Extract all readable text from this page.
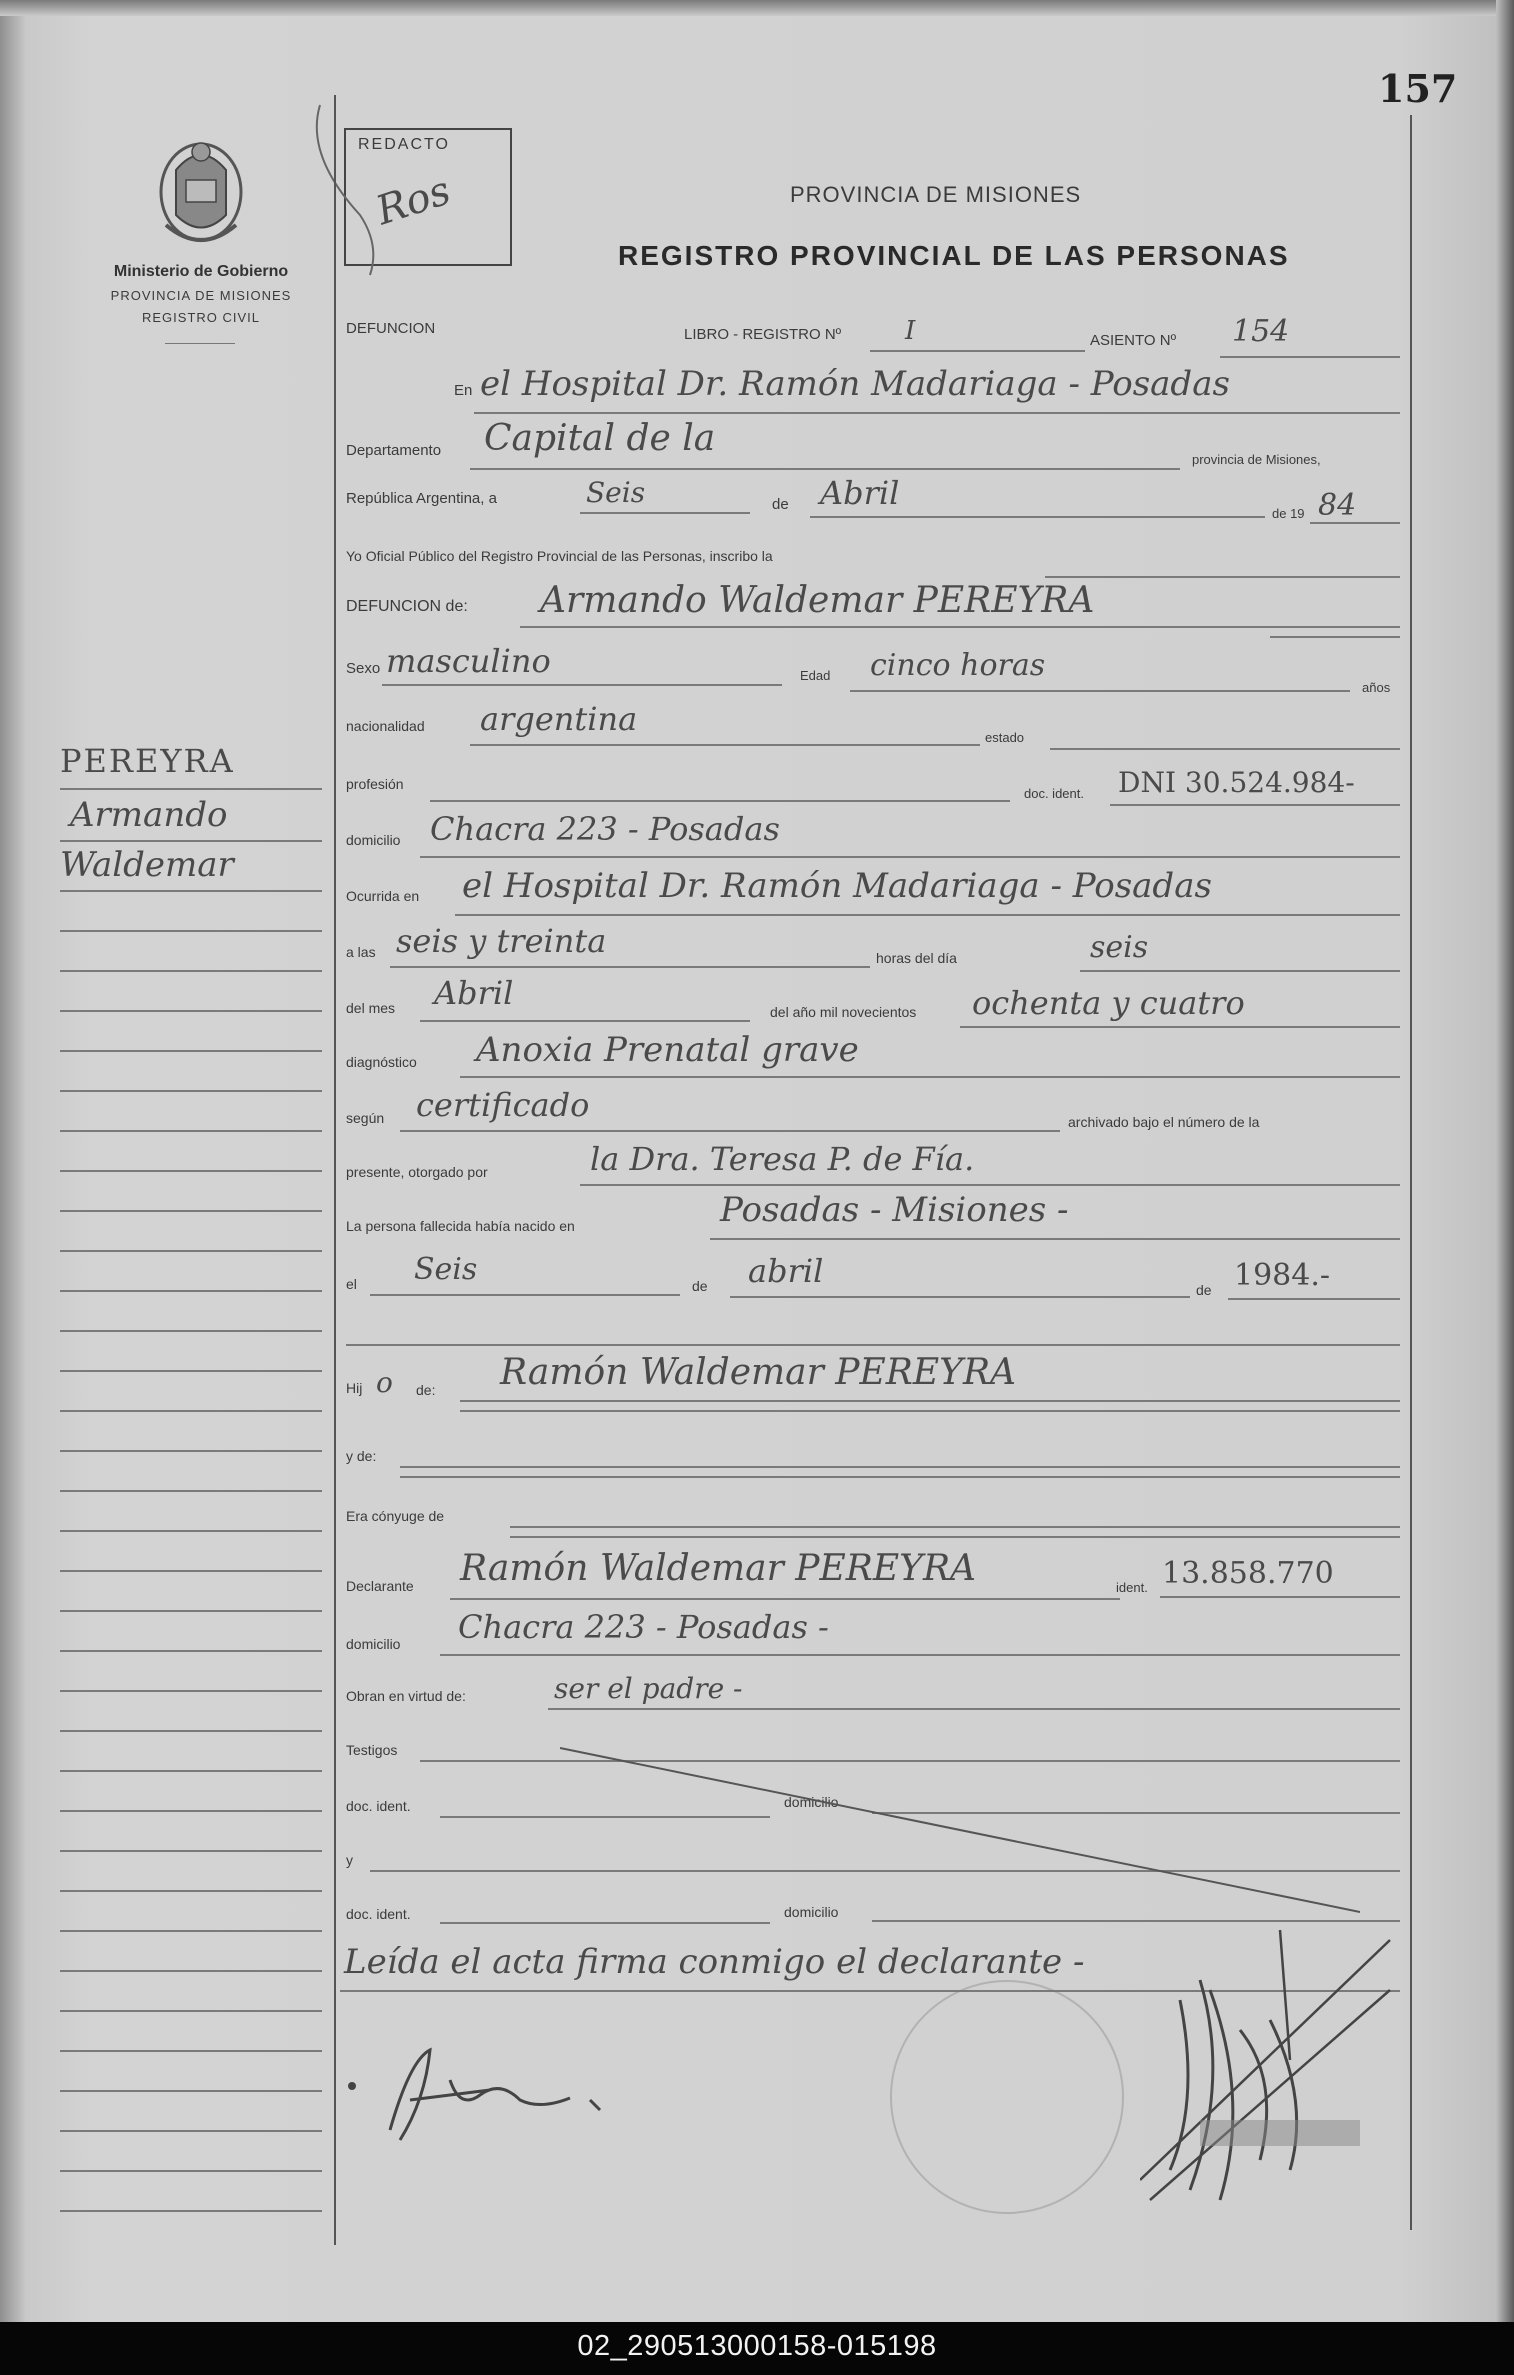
157
Ministerio de Gobierno
PROVINCIA DE MISIONES
REGISTRO CIVIL
REDACTO
Ros	PROVINCIA DE MISIONES
REGISTRO PROVINCIAL DE LAS PERSONAS
PEREYRA
Armando
Waldemar
DEFUNCION	LIBRO - REGISTRO Nº I	ASIENTO Nº 154
En el Hospital Dr. Ramón Madariaga - Posadas
Departamento Capital de la
provincia de Misiones,
República Argentina, a	Seis	de Abril
de 19 84
Yo Oficial Público del Registro Provincial de las Personas, inscribo la
DEFUNCION de: Armando Waldemar PEREYRA
Sexo masculino	Edad cinco horas
años
nacionalidad argentina	estado
profesión
doc. ident. DNI 30.524.984-
domicilio Chacra 223 - Posadas
Ocurrida en el Hospital Dr. Ramón Madariaga - Posadas
a las seis y treinta	horas del día	seis
del mes Abril	del año mil novecientos ochenta y cuatro
diagnóstico Anoxia Prenatal grave
según certificado	archivado bajo el número de la
presente, otorgado por	la Dra. Teresa P. de Fía.
La persona fallecida había nacido en	Posadas - Misiones -
el Seis	de abril	de 1984.-
Hij o de: Ramón Waldemar PEREYRA
y de:
Era cónyuge de
Declarante Ramón Waldemar PEREYRA	ident. 13.858.770
domicilio Chacra 223 - Posadas -
Obran en virtud de:	ser el padre -
Testigos
doc. ident.	domicilio
y
doc. ident.	domicilio
Leída el acta firma conmigo el declarante -
02_290513000158-015198
